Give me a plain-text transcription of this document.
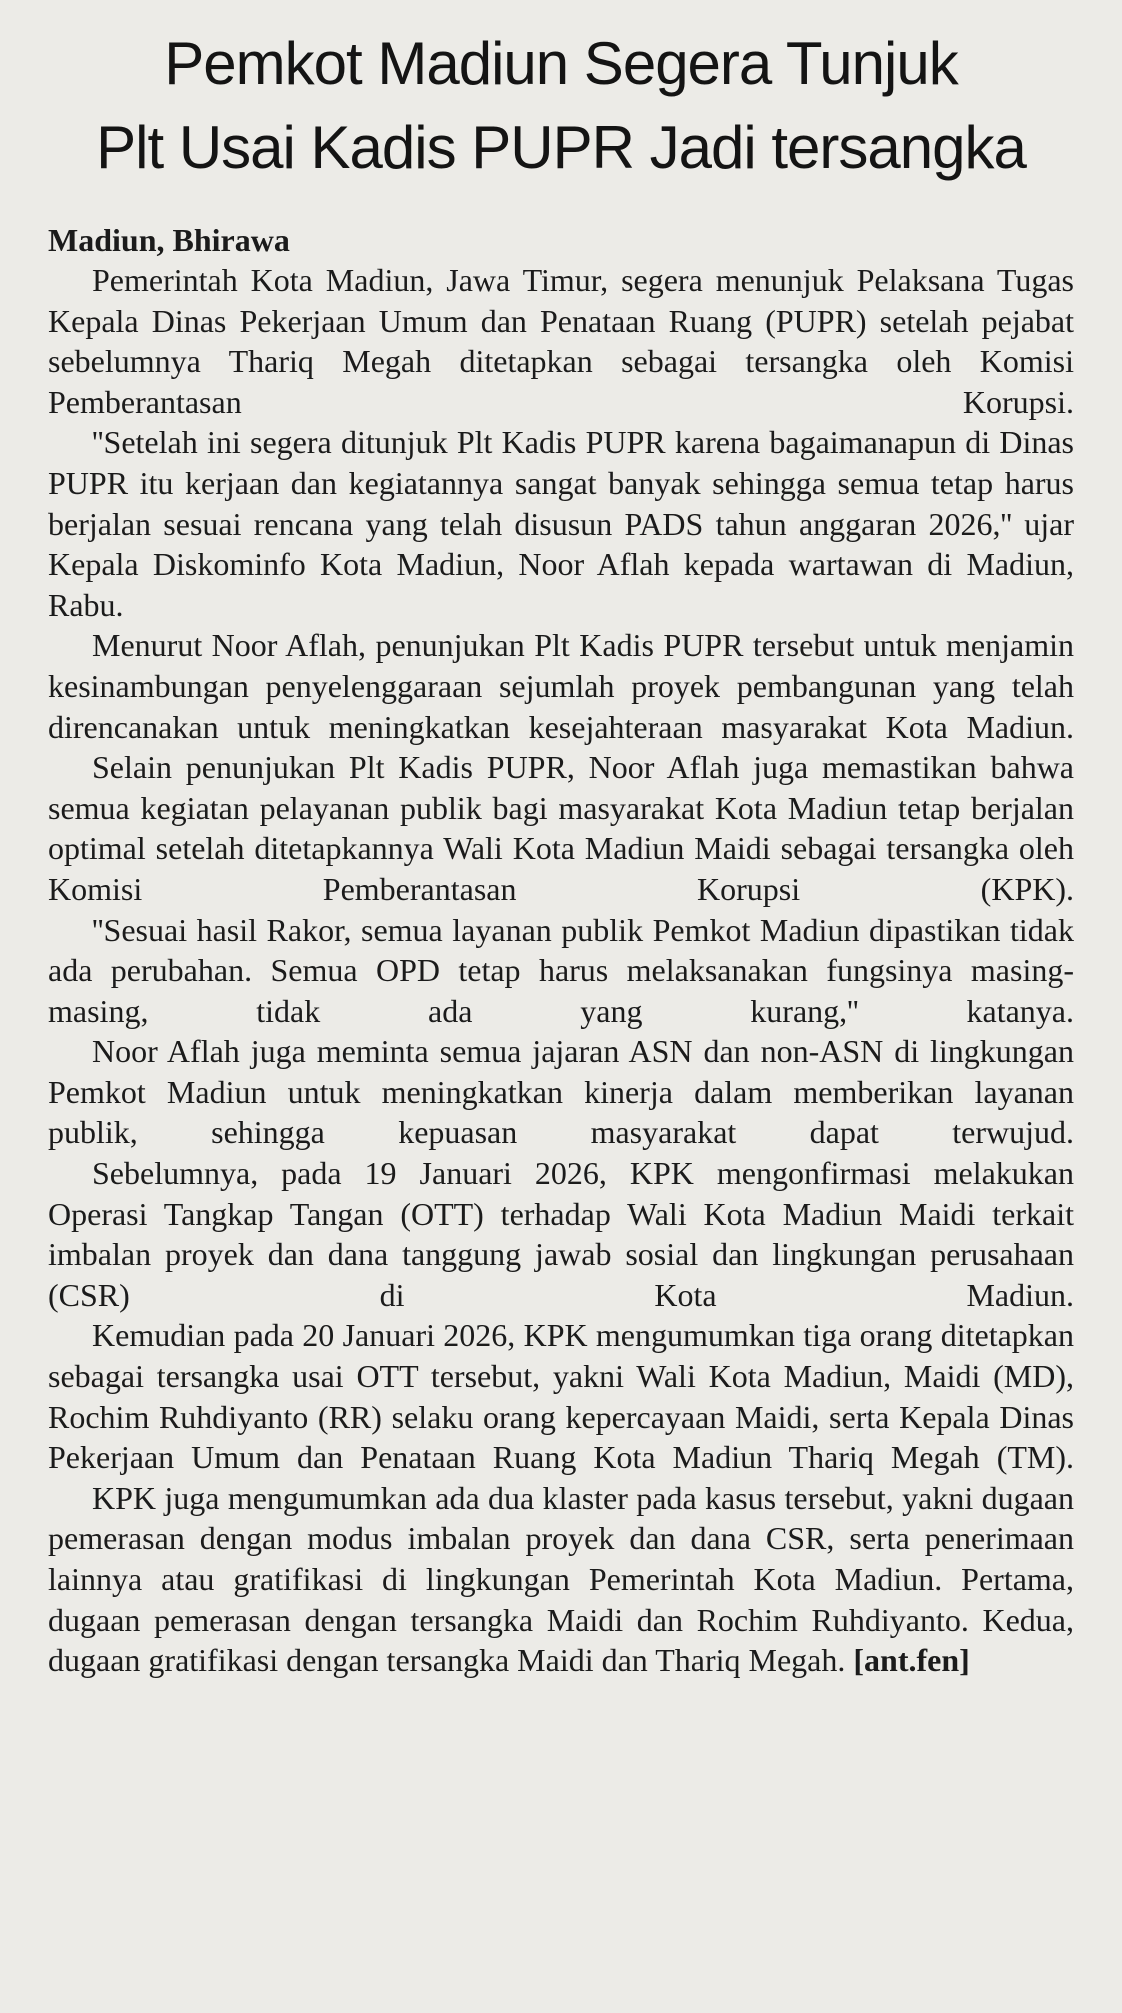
Pemkot Madiun Segera Tunjuk
Plt Usai Kadis PUPR Jadi tersangka

Madiun, Bhirawa

Pemerintah Kota Madiun, Jawa Timur, segera menunjuk Pelaksana Tugas Kepala Dinas Pekerjaan Umum dan Penataan Ruang (PUPR) setelah pejabat sebelumnya Thariq Megah ditetapkan sebagai tersangka oleh Komisi Pemberantasan Korupsi.

''Setelah ini segera ditunjuk Plt Kadis PUPR karena bagaimanapun di Dinas PUPR itu kerjaan dan kegiatannya sangat banyak sehingga semua tetap harus berjalan sesuai rencana yang telah disusun PADS tahun anggaran 2026,'' ujar Kepala Diskominfo Kota Madiun, Noor Aflah kepada wartawan di Madiun, Rabu.

Menurut Noor Aflah, penunjukan Plt Kadis PUPR tersebut untuk menjamin kesinambungan penyelenggaraan sejumlah proyek pembangunan yang telah direncanakan untuk meningkatkan kesejahteraan masyarakat Kota Madiun.

Selain penunjukan Plt Kadis PUPR, Noor Aflah juga memastikan bahwa semua kegiatan pelayanan publik bagi masyarakat Kota Madiun tetap berjalan optimal setelah ditetapkannya Wali Kota Madiun Maidi sebagai tersangka oleh Komisi Pemberantasan Korupsi (KPK).

''Sesuai hasil Rakor, semua layanan publik Pemkot Madiun dipastikan tidak ada perubahan. Semua OPD tetap harus melaksanakan fungsinya masing-masing, tidak ada yang kurang,'' katanya.

Noor Aflah juga meminta semua jajaran ASN dan non-ASN di lingkungan Pemkot Madiun untuk meningkatkan kinerja dalam memberikan layanan publik, sehingga kepuasan masyarakat dapat terwujud.

Sebelumnya, pada 19 Januari 2026, KPK mengonfirmasi melakukan Operasi Tangkap Tangan (OTT) terhadap Wali Kota Madiun Maidi terkait imbalan proyek dan dana tanggung jawab sosial dan lingkungan perusahaan (CSR) di Kota Madiun.

Kemudian pada 20 Januari 2026, KPK mengumumkan tiga orang ditetapkan sebagai tersangka usai OTT tersebut, yakni Wali Kota Madiun, Maidi (MD), Rochim Ruhdiyanto (RR) selaku orang kepercayaan Maidi, serta Kepala Dinas Pekerjaan Umum dan Penataan Ruang Kota Madiun Thariq Megah (TM).

KPK juga mengumumkan ada dua klaster pada kasus tersebut, yakni dugaan pemerasan dengan modus imbalan proyek dan dana CSR, serta penerimaan lainnya atau gratifikasi di lingkungan Pemerintah Kota Madiun. Pertama, dugaan pemerasan dengan tersangka Maidi dan Rochim Ruhdiyanto. Kedua, dugaan gratifikasi dengan tersangka Maidi dan Thariq Megah. [ant.fen]
